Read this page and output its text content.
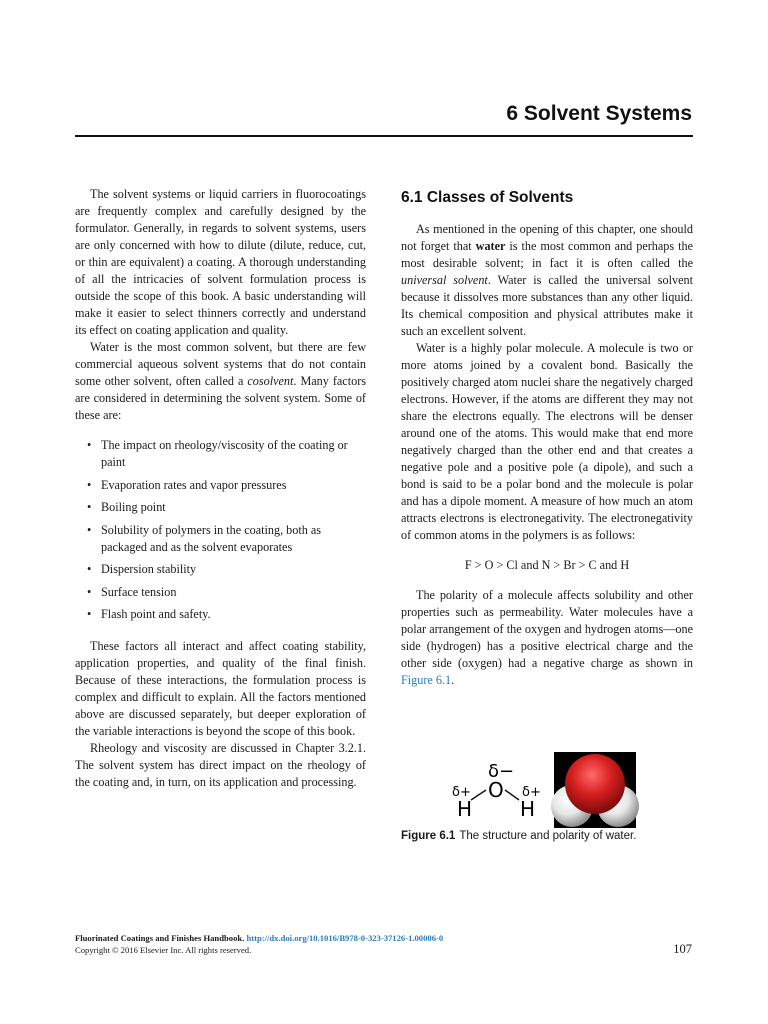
6 Solvent Systems

The solvent systems or liquid carriers in fluorocoatings are frequently complex and carefully designed by the formulator. Generally, in regards to solvent systems, users are only concerned with how to dilute (dilute, reduce, cut, or thin are equivalent) a coating. A thorough understanding of all the intricacies of solvent formulation process is outside the scope of this book. A basic understanding will make it easier to select thinners correctly and understand its effect on coating application and quality.

Water is the most common solvent, but there are few commercial aqueous solvent systems that do not contain some other solvent, often called a cosolvent. Many factors are considered in determining the solvent system. Some of these are:

• The impact on rheology/viscosity of the coating or paint
• Evaporation rates and vapor pressures
• Boiling point
• Solubility of polymers in the coating, both as packaged and as the solvent evaporates
• Dispersion stability
• Surface tension
• Flash point and safety.

These factors all interact and affect coating stability, application properties, and quality of the final finish. Because of these interactions, the formulation process is complex and difficult to explain. All the factors mentioned above are discussed separately, but deeper exploration of the variable interactions is beyond the scope of this book.

Rheology and viscosity are discussed in Chapter 3.2.1. The solvent system has direct impact on the rheology of the coating and, in turn, on its application and processing.

6.1 Classes of Solvents

As mentioned in the opening of this chapter, one should not forget that water is the most common and perhaps the most desirable solvent; in fact it is often called the universal solvent. Water is called the universal solvent because it dissolves more substances than any other liquid. Its chemical composition and physical attributes make it such an excellent solvent.

Water is a highly polar molecule. A molecule is two or more atoms joined by a covalent bond. Basically the positively charged atom nuclei share the negatively charged electrons. However, if the atoms are different they may not share the electrons equally. The electrons will be denser around one of the atoms. This would make that end more negatively charged than the other end and that creates a negative pole and a positive pole (a dipole), and such a bond is said to be a polar bond and the molecule is polar and has a dipole moment. A measure of how much an atom attracts electrons is electronegativity. The electronegativity of common atoms in the polymers is as follows:

F > O > Cl and N > Br > C and H

The polarity of a molecule affects solubility and other properties such as permeability. Water molecules have a polar arrangement of the oxygen and hydrogen atoms—one side (hydrogen) has a positive electrical charge and the other side (oxygen) had a negative charge as shown in Figure 6.1.

δ−
O
δ+	δ+
H H
Figure 6.1 The structure and polarity of water.
Fluorinated Coatings and Finishes Handbook. http://dx.doi.org/10.1016/B978-0-323-37126-1.00006-0
Copyright © 2016 Elsevier Inc. All rights reserved.	107
